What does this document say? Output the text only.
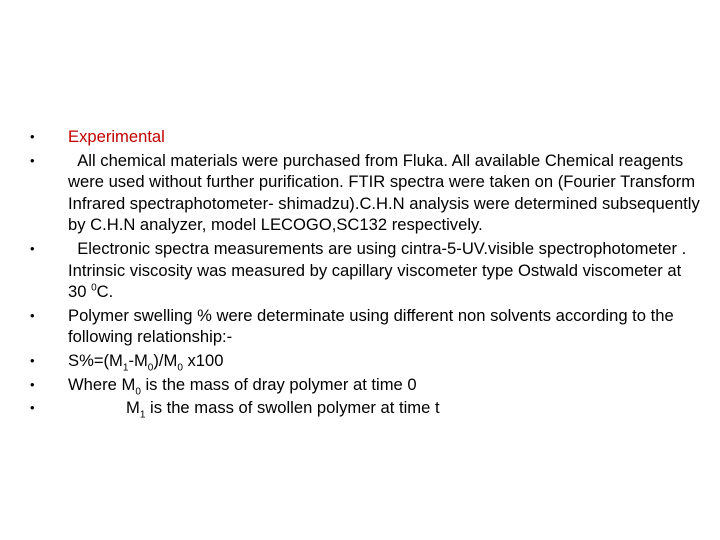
•	Experimental
•	All chemical materials were purchased from Fluka. All available Chemical reagents were used without further purification. FTIR spectra were taken on (Fourier Transform Infrared spectraphotometer- shimadzu).C.H.N analysis were determined subsequently by C.H.N analyzer, model LECOGO,SC132 respectively.
•	Electronic spectra measurements are using cintra-5-UV.visible spectrophotometer . Intrinsic viscosity was measured by capillary viscometer type Ostwald viscometer at 30 $^0$C.
•	Polymer swelling % were determinate using different non solvents according to the following relationship:-
•	$S\%=(M_1-M_0)/M_0$ x100
•	Where $M_0$ is the mass of dray polymer at time 0
•	$M_1$ is the mass of swollen polymer at time t
